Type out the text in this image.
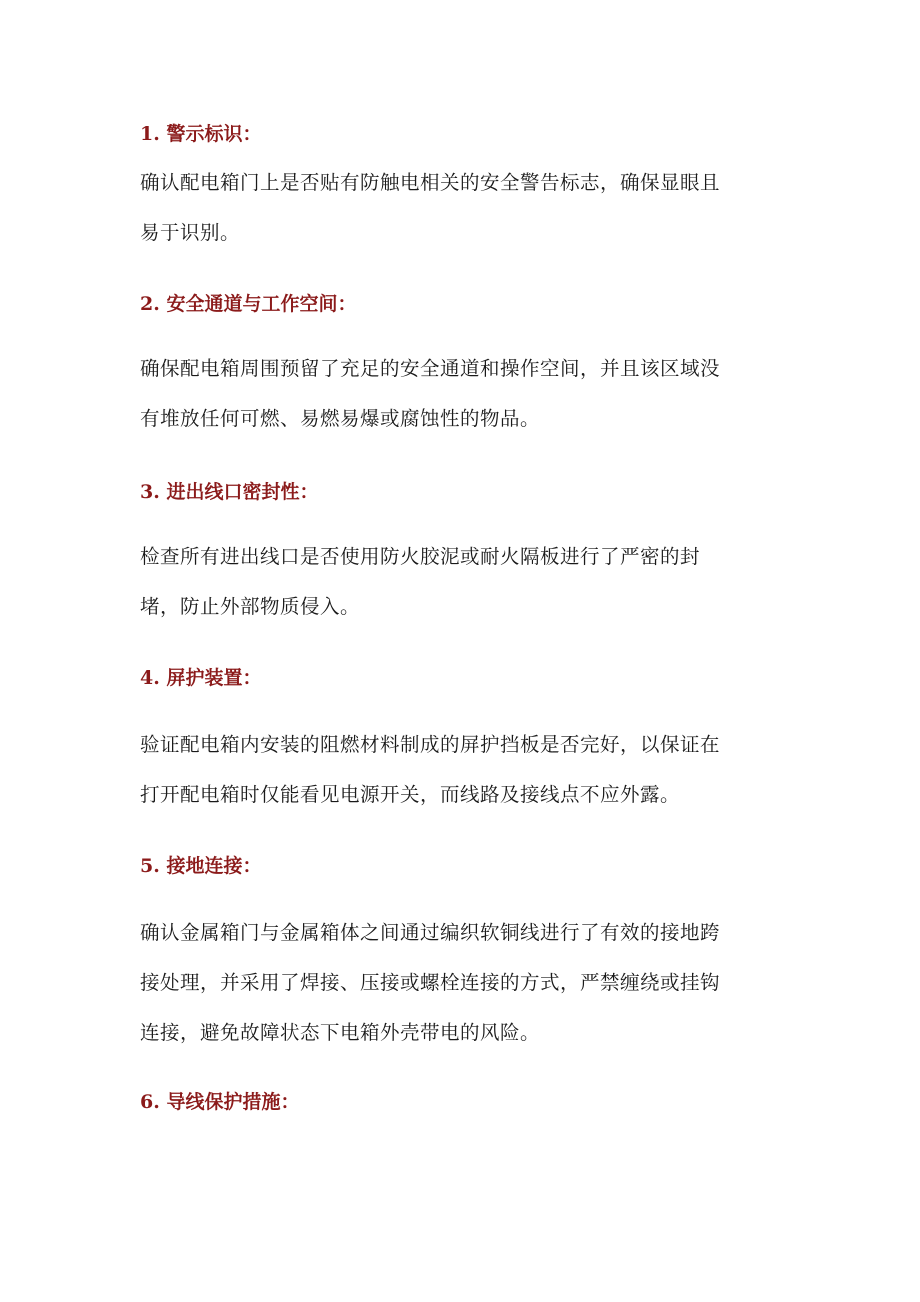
1. 警示标识：

确认配电箱门上是否贴有防触电相关的安全警告标志，确保显眼且
易于识别。

2. 安全通道与工作空间：

确保配电箱周围预留了充足的安全通道和操作空间，并且该区域没
有堆放任何可燃、易燃易爆或腐蚀性的物品。

3. 进出线口密封性：

检查所有进出线口是否使用防火胶泥或耐火隔板进行了严密的封
堵，防止外部物质侵入。

4. 屏护装置：

验证配电箱内安装的阻燃材料制成的屏护挡板是否完好，以保证在
打开配电箱时仅能看见电源开关，而线路及接线点不应外露。

5. 接地连接：

确认金属箱门与金属箱体之间通过编织软铜线进行了有效的接地跨
接处理，并采用了焊接、压接或螺栓连接的方式，严禁缠绕或挂钩
连接，避免故障状态下电箱外壳带电的风险。

6. 导线保护措施：
